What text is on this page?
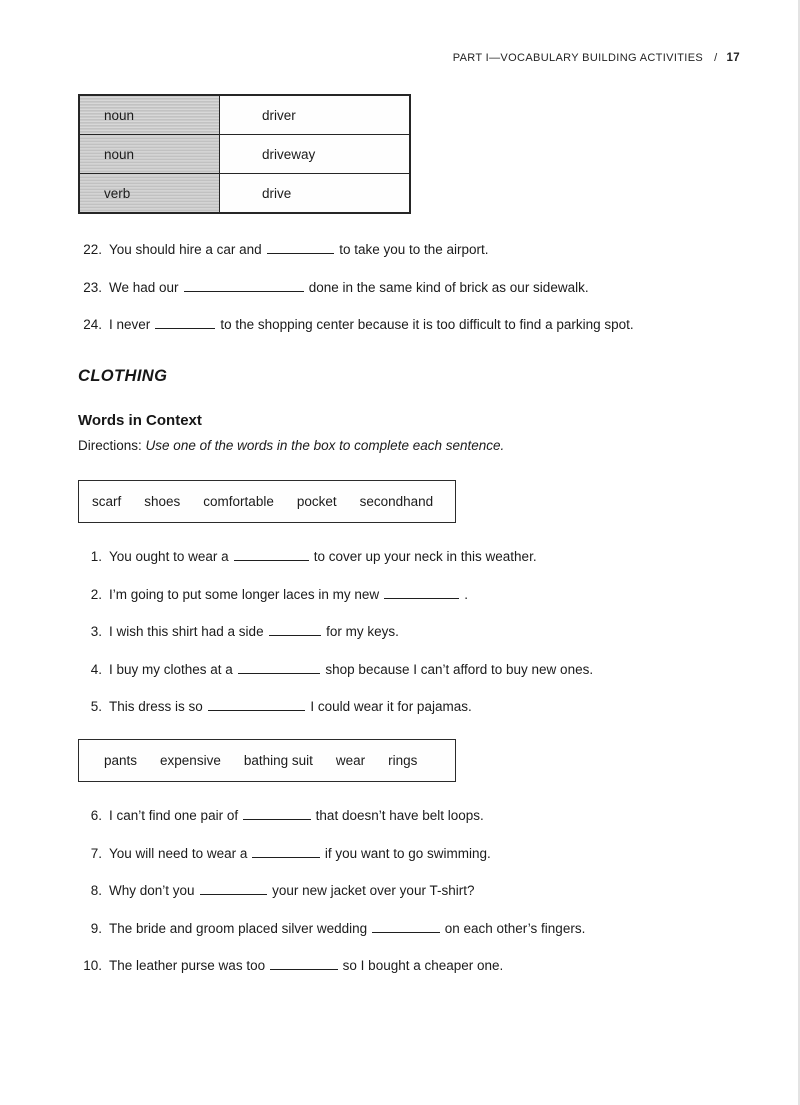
PART I—VOCABULARY BUILDING ACTIVITIES / 17
noun	driver
noun	driveway
verb	drive
22. You should hire a car and	to take you to the airport.
23. We had our	done in the same kind of brick as our sidewalk.
24. I never	to the shopping center because it is too difficult to find a parking spot.
CLOTHING
Words in Context

Directions: Use one of the words in the box to complete each sentence.

scarf shoes comfortable pocket secondhand
1. You ought to wear a	to cover up your neck in this weather.
2. I’m going to put some longer laces in my new	.
3. I wish this shirt had a side	for my keys.
4. I buy my clothes at a	shop because I can’t afford to buy new ones.
5. This dress is so	I could wear it for pajamas.
pants expensive bathing suit wear rings
6. I can’t find one pair of	that doesn’t have belt loops.
7. You will need to wear a	if you want to go swimming.
8. Why don’t you	your new jacket over your T-shirt?
9. The bride and groom placed silver wedding	on each other’s fingers.
10. The leather purse was too	so I bought a cheaper one.
